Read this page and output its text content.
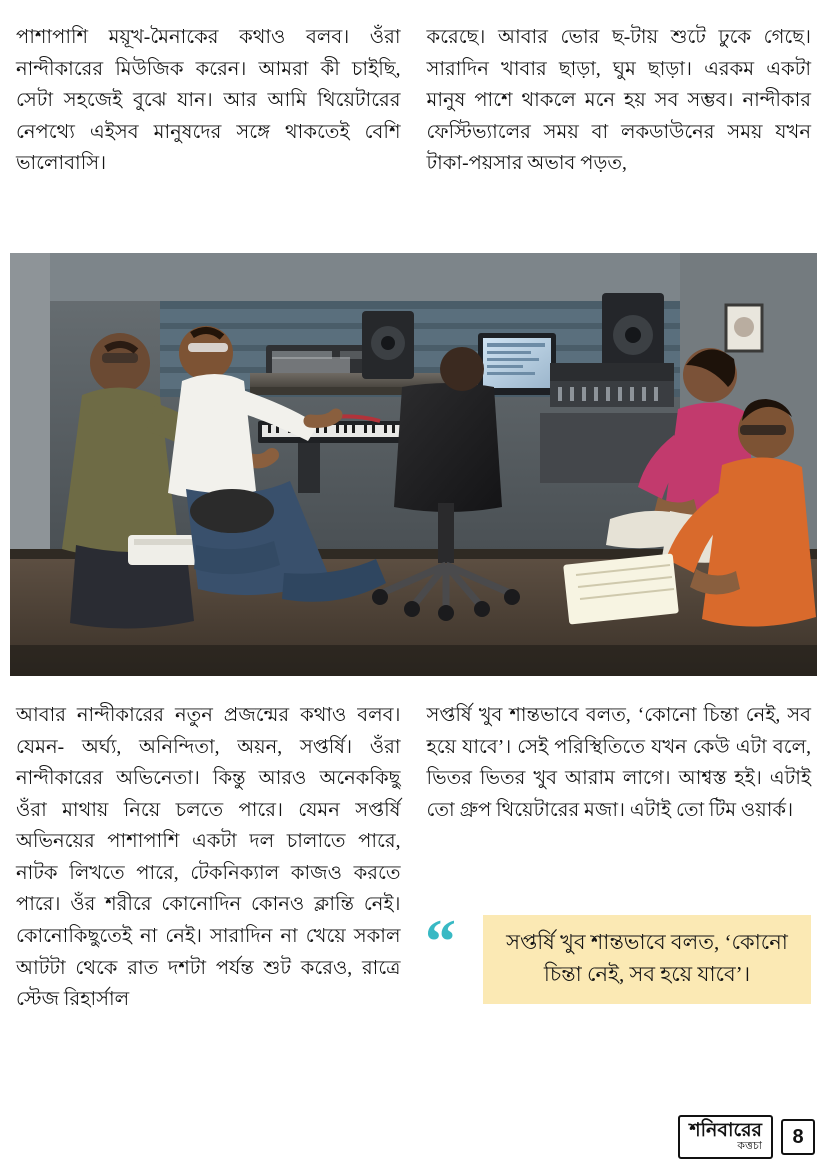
পাশাপাশি ময়ূখ-মৈনাকের কথাও বলব। ওঁরা নান্দীকারের মিউজিক করেন। আমরা কী চাইছি, সেটা সহজেই বুঝে যান। আর আমি থিয়েটারের নেপথ্যে এইসব মানুষদের সঙ্গে থাকতেই বেশি ভালোবাসি।

করেছে। আবার ভোর ছ-টায় শুটে ঢুকে গেছে। সারাদিন খাবার ছাড়া, ঘুম ছাড়া। এরকম একটা মানুষ পাশে থাকলে মনে হয় সব সম্ভব। নান্দীকার ফেস্টিভ্যালের সময় বা লকডাউনের সময় যখন টাকা-পয়সার অভাব পড়ত,

আবার নান্দীকারের নতুন প্রজন্মের কথাও বলব। যেমন- অর্ঘ্য, অনিন্দিতা, অয়ন, সপ্তর্ষি। ওঁরা নান্দীকারের অভিনেতা। কিন্তু আরও অনেককিছু ওঁরা মাথায় নিয়ে চলতে পারে। যেমন সপ্তর্ষি অভিনয়ের পাশাপাশি একটা দল চালাতে পারে, নাটক লিখতে পারে, টেকনিক্যাল কাজও করতে পারে। ওঁর শরীরে কোনোদিন কোনও ক্লান্তি নেই। কোনোকিছুতেই না নেই। সারাদিন না খেয়ে সকাল আটটা থেকে রাত দশটা পর্যন্ত শুট করেও, রাত্রে স্টেজ রিহার্সাল

সপ্তর্ষি খুব শান্তভাবে বলত, ‘কোনো চিন্তা নেই, সব হয়ে যাবে’। সেই পরিস্থিতিতে যখন কেউ এটা বলে, ভিতর ভিতর খুব আরাম লাগে। আশ্বস্ত হই। এটাই তো গ্রুপ থিয়েটারের মজা। এটাই তো টিম ওয়ার্ক।

“ সপ্তর্ষি খুব শান্তভাবে বলত, ‘কোনো চিন্তা নেই, সব হয়ে যাবে’।

শনিবারের
কত্তচা	8
